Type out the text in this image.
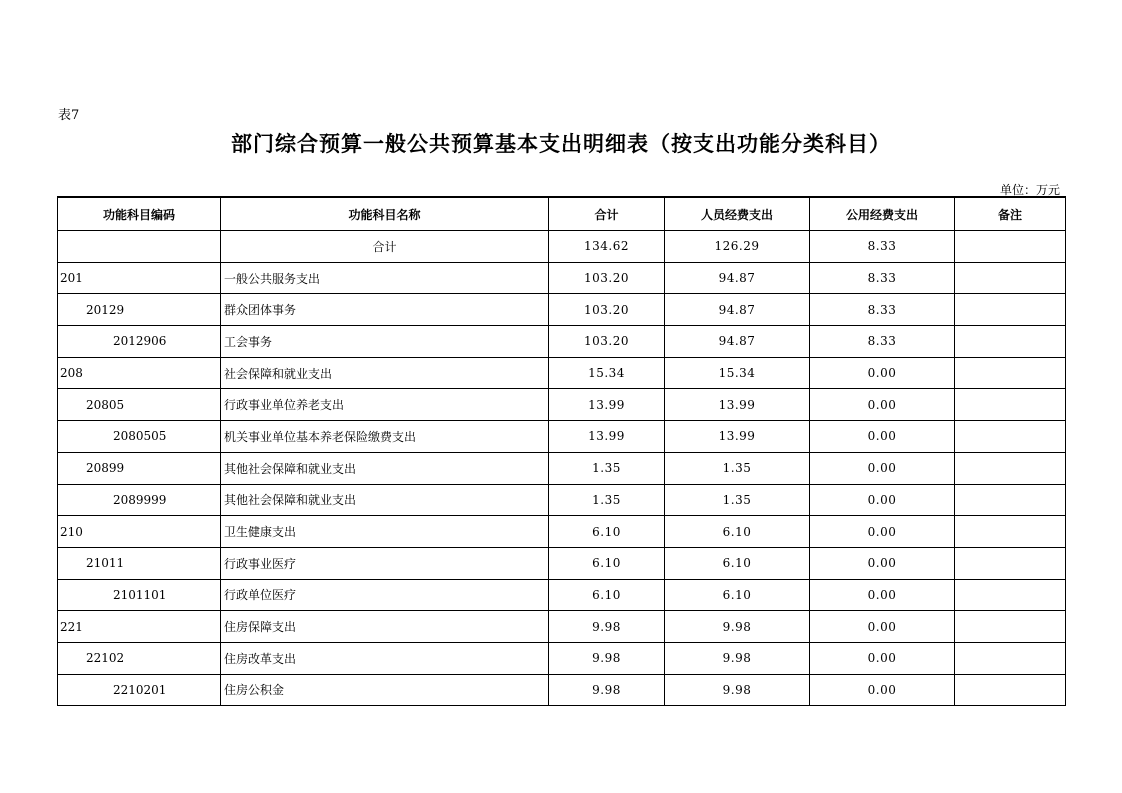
表7
部门综合预算一般公共预算基本支出明细表（按支出功能分类科目）
单位：万元
功能科目编码	功能科目名称	合计	人员经费支出	公用经费支出	备注
	合计	134.62	126.29	8.33	
201	一般公共服务支出	103.20	94.87	8.33	
20129	群众团体事务	103.20	94.87	8.33	
2012906	工会事务	103.20	94.87	8.33	
208	社会保障和就业支出	15.34	15.34	0.00	
20805	行政事业单位养老支出	13.99	13.99	0.00	
2080505	机关事业单位基本养老保险缴费支出	13.99	13.99	0.00	
20899	其他社会保障和就业支出	1.35	1.35	0.00	
2089999	其他社会保障和就业支出	1.35	1.35	0.00	
210	卫生健康支出	6.10	6.10	0.00	
21011	行政事业医疗	6.10	6.10	0.00	
2101101	行政单位医疗	6.10	6.10	0.00	
221	住房保障支出	9.98	9.98	0.00	
22102	住房改革支出	9.98	9.98	0.00	
2210201	住房公积金	9.98	9.98	0.00	
